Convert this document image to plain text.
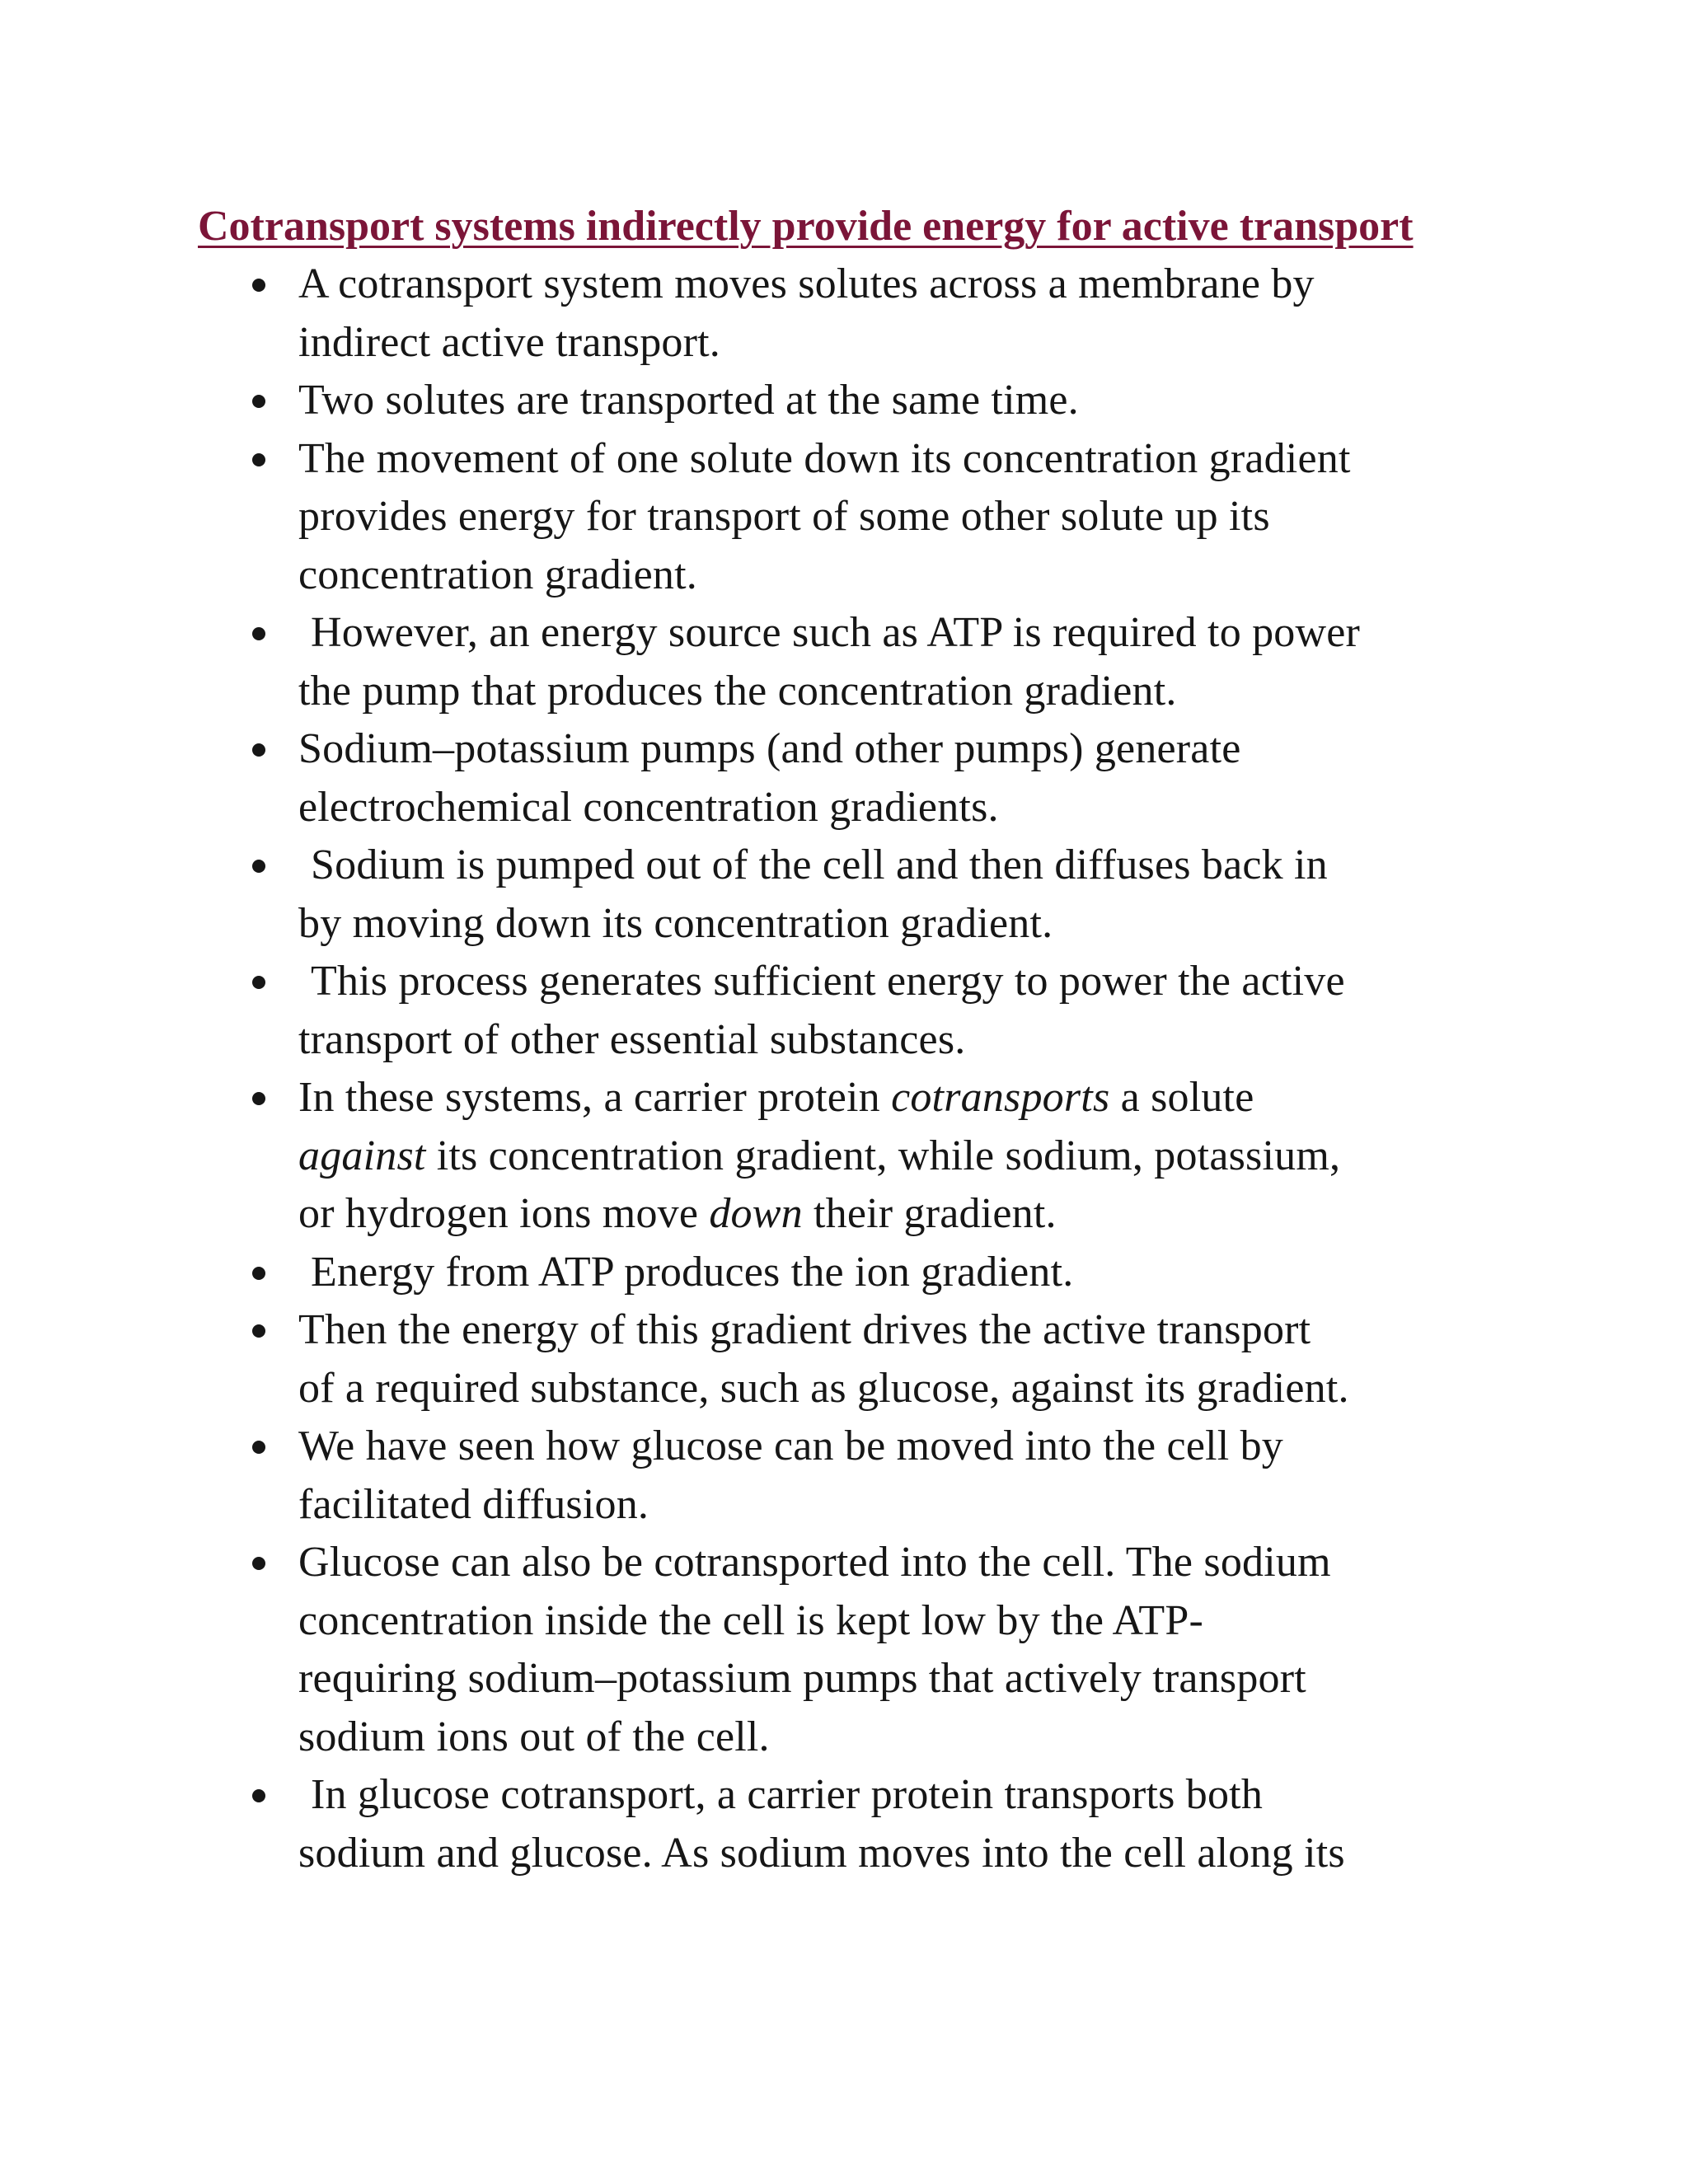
Cotransport systems indirectly provide energy for active transport
A cotransport system moves solutes across a membrane by
indirect active transport.
Two solutes are transported at the same time.
The movement of one solute down its concentration gradient
provides energy for transport of some other solute up its
concentration gradient.
However, an energy source such as ATP is required to power
the pump that produces the concentration gradient.
Sodium–potassium pumps (and other pumps) generate
electrochemical concentration gradients.
Sodium is pumped out of the cell and then diffuses back in
by moving down its concentration gradient.
This process generates sufficient energy to power the active
transport of other essential substances.
In these systems, a carrier protein cotransports a solute
against its concentration gradient, while sodium, potassium,
or hydrogen ions move down their gradient.
Energy from ATP produces the ion gradient.
Then the energy of this gradient drives the active transport
of a required substance, such as glucose, against its gradient.
We have seen how glucose can be moved into the cell by
facilitated diffusion.
Glucose can also be cotransported into the cell. The sodium
concentration inside the cell is kept low by the ATP-
requiring sodium–potassium pumps that actively transport
sodium ions out of the cell.
In glucose cotransport, a carrier protein transports both
sodium and glucose. As sodium moves into the cell along its
